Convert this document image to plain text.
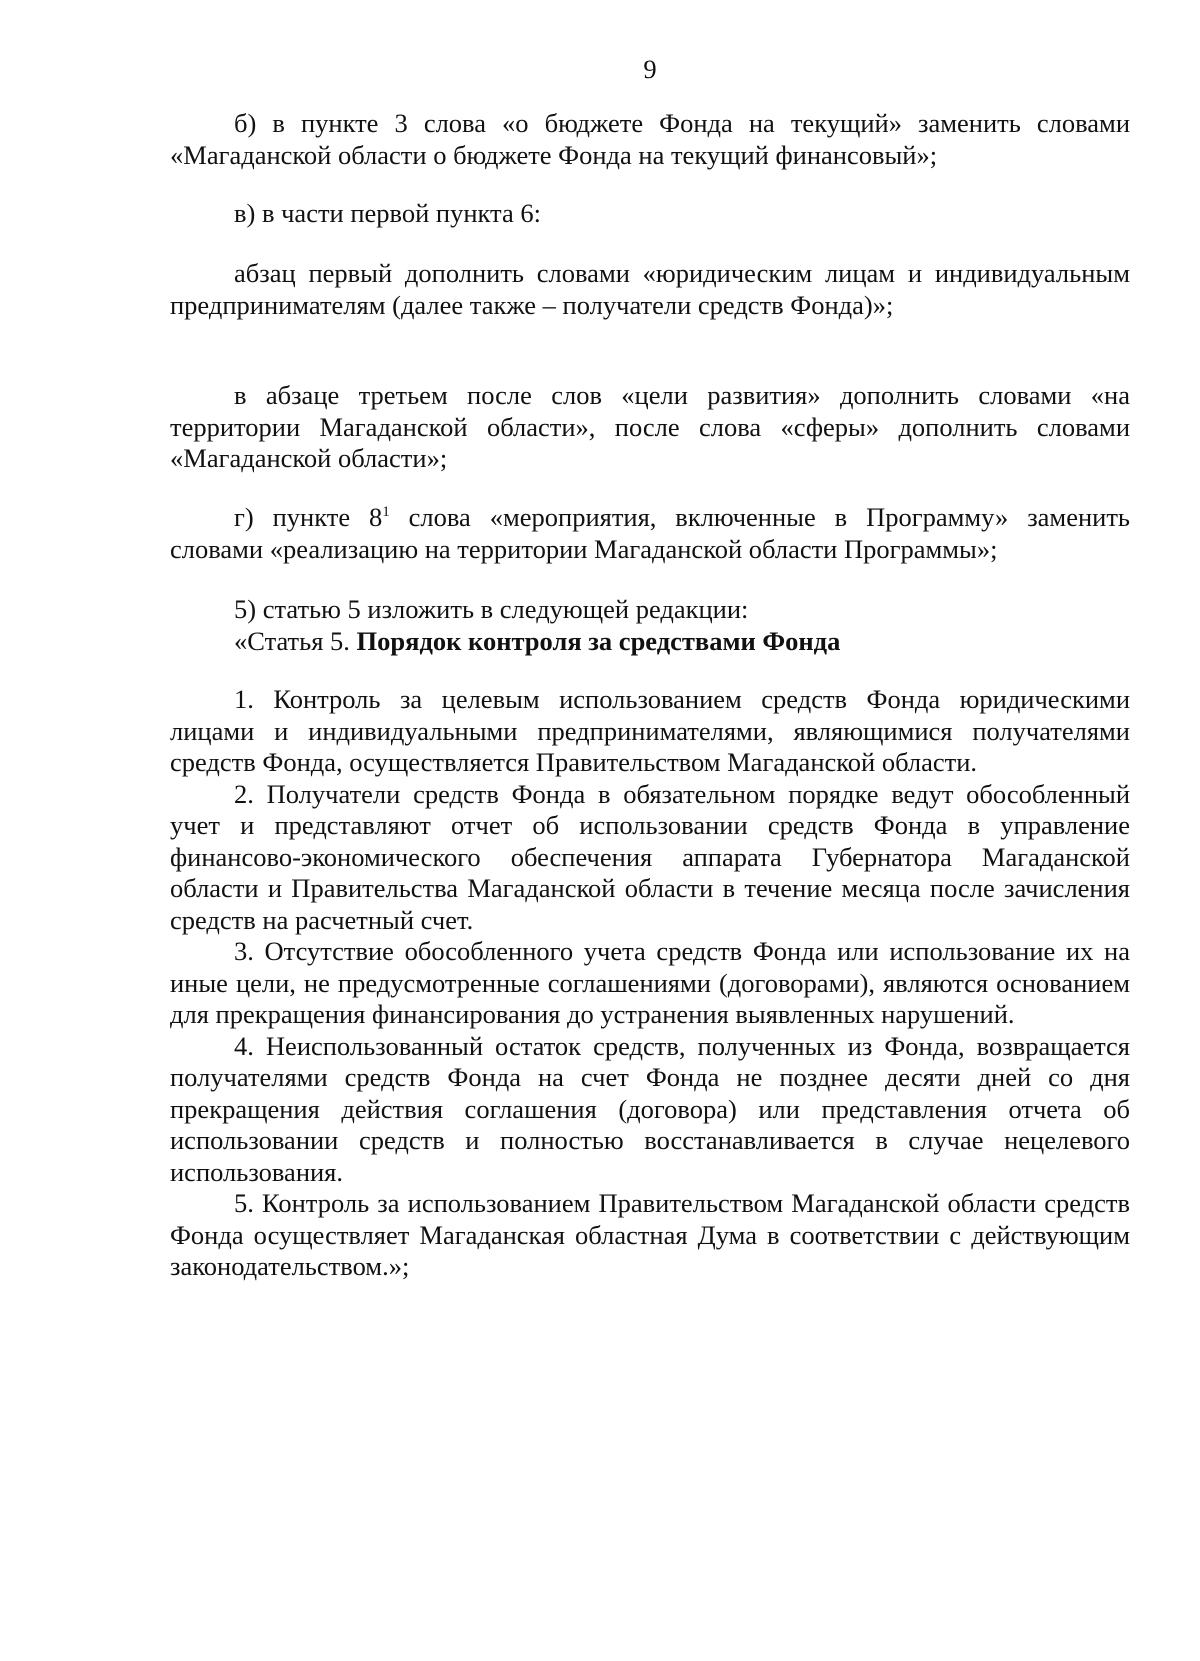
9

б) в пункте 3 слова «о бюджете Фонда на текущий» заменить словами «Магаданской области о бюджете Фонда на текущий финансовый»;

в) в части первой пункта 6:

абзац первый дополнить словами «юридическим лицам и индивидуальным предпринимателям (далее также – получатели средств Фонда)»;

в абзаце третьем после слов «цели развития» дополнить словами «на территории Магаданской области», после слова «сферы» дополнить словами «Магаданской области»;

г) пункте $8^1$ слова «мероприятия, включенные в Программу» заменить словами «реализацию на территории Магаданской области Программы»;

5) статью 5 изложить в следующей редакции:

«Статья 5. Порядок контроля за средствами Фонда

1. Контроль за целевым использованием средств Фонда юридическими лицами и индивидуальными предпринимателями, являющимися получателями средств Фонда, осуществляется Правительством Магаданской области.

2. Получатели средств Фонда в обязательном порядке ведут обособленный учет и представляют отчет об использовании средств Фонда в управление финансово-экономического обеспечения аппарата Губернатора Магаданской области и Правительства Магаданской области в течение месяца после зачисления средств на расчетный счет.

3. Отсутствие обособленного учета средств Фонда или использование их на иные цели, не предусмотренные соглашениями (договорами), являются основанием для прекращения финансирования до устранения выявленных нарушений.

4. Неиспользованный остаток средств, полученных из Фонда, возвращается получателями средств Фонда на счет Фонда не позднее десяти дней со дня прекращения действия соглашения (договора) или представления отчета об использовании средств и полностью восстанавливается в случае нецелевого использования.

5. Контроль за использованием Правительством Магаданской области средств Фонда осуществляет Магаданская областная Дума в соответствии с действующим законодательством.»;
